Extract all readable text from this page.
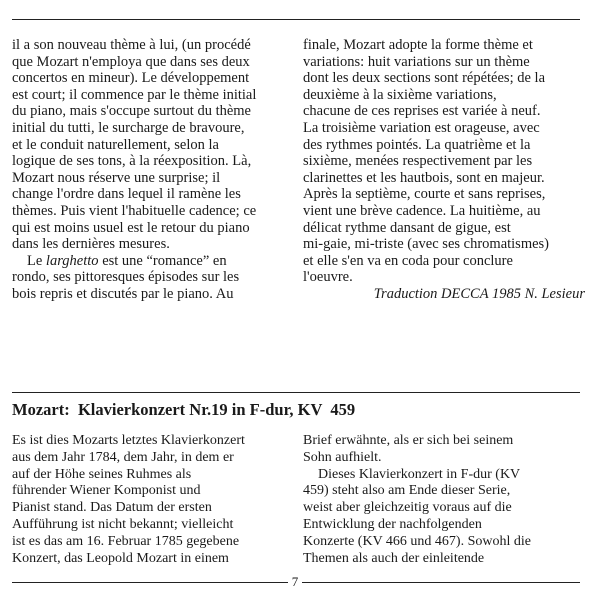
il a son nouveau thème à lui, (un procédé
que Mozart n'employa que dans ses deux
concertos en mineur). Le développement
est court; il commence par le thème initial
du piano, mais s'occupe surtout du thème
initial du tutti, le surcharge de bravoure,
et le conduit naturellement, selon la
logique de ses tons, à la réexposition. Là,
Mozart nous réserve une surprise; il
change l'ordre dans lequel il ramène les
thèmes. Puis vient l'habituelle cadence; ce
qui est moins usuel est le retour du piano
dans les dernières mesures.

Le larghetto est une “romance” en
rondo, ses pittoresques épisodes sur les
bois repris et discutés par le piano. Au

finale, Mozart adopte la forme thème et
variations: huit variations sur un thème
dont les deux sections sont répétées; de la
deuxième à la sixième variations,
chacune de ces reprises est variée à neuf.
La troisième variation est orageuse, avec
des rythmes pointés. La quatrième et la
sixième, menées respectivement par les
clarinettes et les hautbois, sont en majeur.
Après la septième, courte et sans reprises,
vient une brève cadence. La huitième, au
délicat rythme dansant de gigue, est
mi-gaie, mi-triste (avec ses chromatismes)
et elle s'en va en coda pour conclure
l'oeuvre.

Traduction DECCA 1985 N. Lesieur

Mozart:  Klavierkonzert Nr.19 in F-dur, KV  459

Es ist dies Mozarts letztes Klavierkonzert
aus dem Jahr 1784, dem Jahr, in dem er
auf der Höhe seines Ruhmes als
führender Wiener Komponist und
Pianist stand. Das Datum der ersten
Aufführung ist nicht bekannt; vielleicht
ist es das am 16. Februar 1785 gegebene
Konzert, das Leopold Mozart in einem

Brief erwähnte, als er sich bei seinem
Sohn aufhielt.

Dieses Klavierkonzert in F-dur (KV
459) steht also am Ende dieser Serie,
weist aber gleichzeitig voraus auf die
Entwicklung der nachfolgenden
Konzerte (KV 466 und 467). Sowohl die
Themen als auch der einleitende

7
